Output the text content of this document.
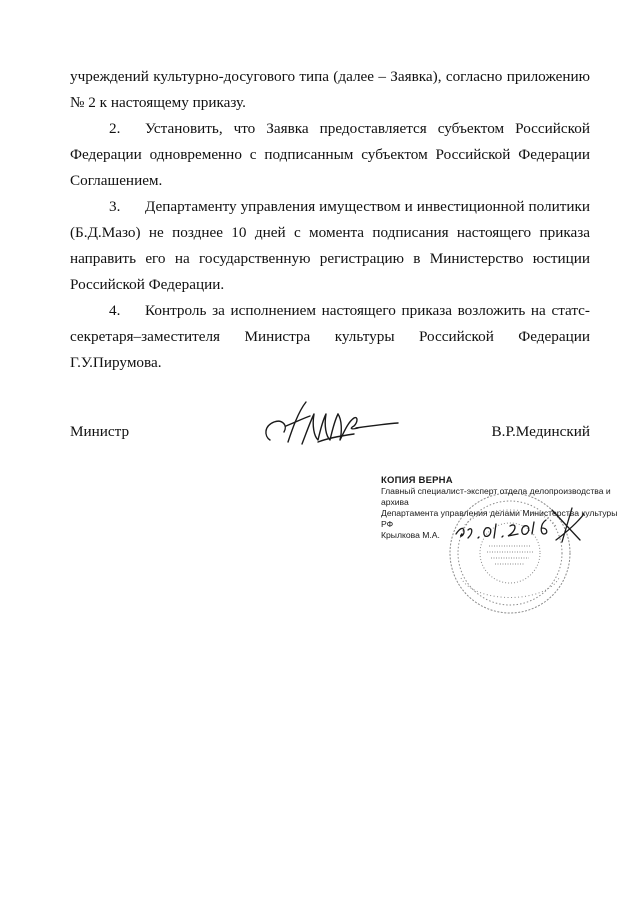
учреждений культурно-досугового типа (далее – Заявка), согласно приложению № 2 к настоящему приказу.

2. Установить, что Заявка предоставляется субъектом Российской Федерации одновременно с подписанным субъектом Российской Федерации Соглашением.

3. Департаменту управления имуществом и инвестиционной политики (Б.Д.Мазо) не позднее 10 дней с момента подписания настоящего приказа направить его на государственную регистрацию в Министерство юстиции Российской Федерации.

4. Контроль за исполнением настоящего приказа возложить на статс-секретаря–заместителя Министра культуры Российской Федерации Г.У.Пирумова.

Министр	В.Р.Мединский
КОПИЯ ВЕРНА
Главный специалист-эксперт отдела делопроизводства и архива
Департамента управления делами Министерства культуры РФ
Крылкова М.А.
